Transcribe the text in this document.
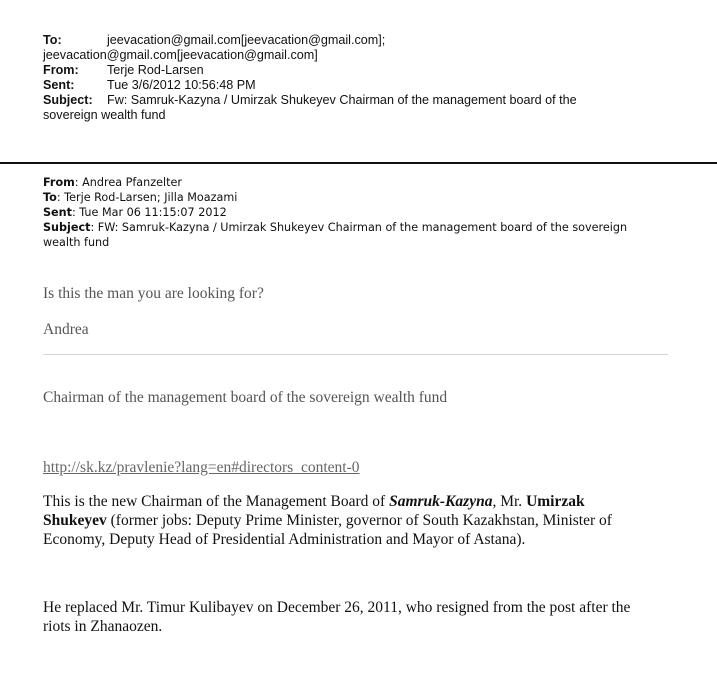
To:	jeevacation@gmail.com[jeevacation@gmail.com];
jeevacation@gmail.com[jeevacation@gmail.com]
From: Terje Rod-Larsen
Sent:	Tue 3/6/2012 10:56:48 PM
Subject: Fw: Samruk-Kazyna / Umirzak Shukeyev Chairman of the management board of the
sovereign wealth fund
From: Andrea Pfanzelter
To: Terje Rod-Larsen; Jilla Moazami
Sent: Tue Mar 06 11:15:07 2012
Subject: FW: Samruk-Kazyna / Umirzak Shukeyev Chairman of the management board of the sovereign
wealth fund
Is this the man you are looking for?
Andrea
Chairman of the management board of the sovereign wealth fund
http://sk.kz/pravlenie?lang=en#directors_content-0
This is the new Chairman of the Management Board of Samruk-Kazyna, Mr. Umirzak
Shukeyev (former jobs: Deputy Prime Minister, governor of South Kazakhstan, Minister of
Economy, Deputy Head of Presidential Administration and Mayor of Astana).
He replaced Mr. Timur Kulibayev on December 26, 2011, who resigned from the post after the
riots in Zhanaozen.
